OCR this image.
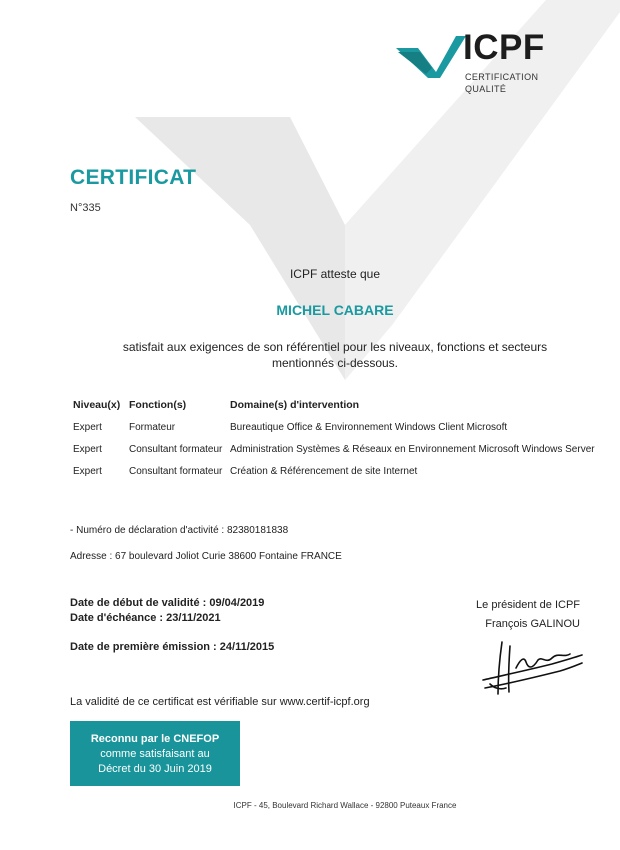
ICPF
CERTIFICATION
QUALITÉ
CERTIFICAT
N°335
ICPF atteste que
MICHEL CABARE
satisfait aux exigences de son référentiel pour les niveaux, fonctions et secteurs mentionnés ci-dessous.
Niveau(x)	Fonction(s)	Domaine(s) d'intervention
Expert	Formateur	Bureautique Office & Environnement Windows Client Microsoft
Expert	Consultant formateur	Administration Systèmes & Réseaux en Environnement Microsoft Windows Server
Expert	Consultant formateur	Création & Référencement de site Internet
- Numéro de déclaration d'activité : 82380181838
Adresse : 67 boulevard Joliot Curie 38600 Fontaine FRANCE
Date de début de validité : 09/04/2019
Date d'échéance : 23/11/2021
Date de première émission : 24/11/2015
Le président de ICPF
François GALINOU
La validité de ce certificat est vérifiable sur www.certif-icpf.org
Reconnu par le CNEFOP
comme satisfaisant au
Décret du 30 Juin 2019
ICPF - 45, Boulevard Richard Wallace - 92800 Puteaux France
